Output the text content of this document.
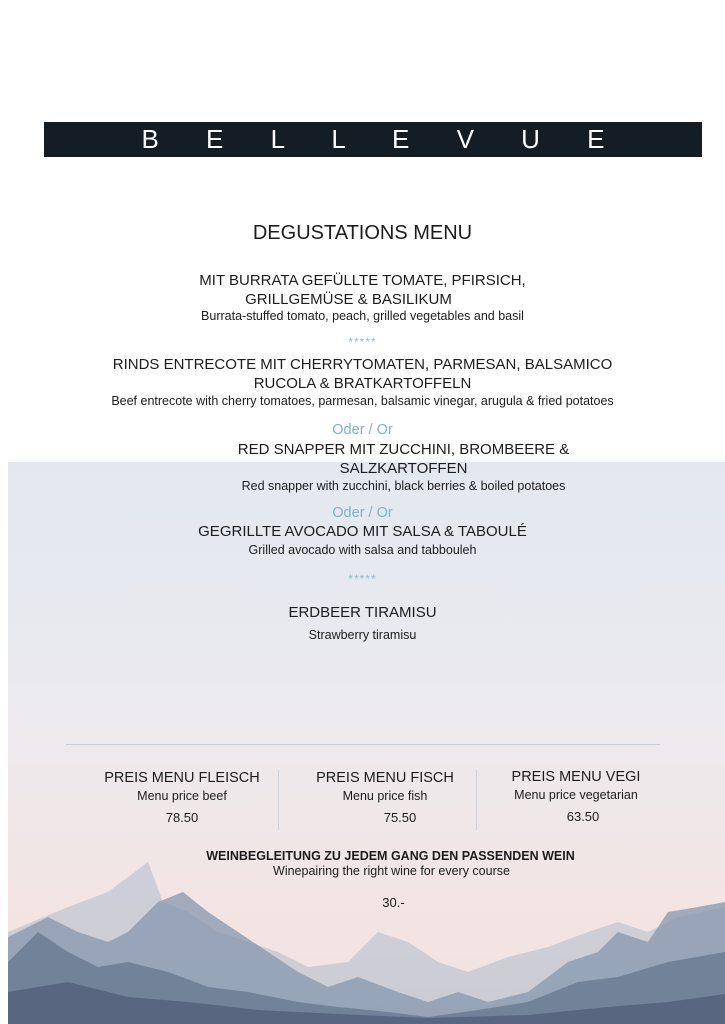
B E L L E V U E
DEGUSTATIONS MENU
MIT BURRATA GEFÜLLTE TOMATE, PFIRSICH,
GRILLGEMÜSE & BASILIKUM
Burrata-stuffed tomato, peach, grilled vegetables and basil
*****
RINDS ENTRECOTE MIT CHERRYTOMATEN, PARMESAN, BALSAMICO
RUCOLA & BRATKARTOFFELN
Beef entrecote with cherry tomatoes, parmesan, balsamic vinegar, arugula & fried potatoes
Oder / Or
RED SNAPPER MIT ZUCCHINI, BROMBEERE &
SALZKARTOFFEN
Red snapper with zucchini, black berries & boiled potatoes
Oder / Or
GEGRILLTE AVOCADO MIT SALSA & TABOULÉ
Grilled avocado with salsa and tabbouleh
*****
ERDBEER TIRAMISU
Strawberry tiramisu
PREIS MENU FLEISCH
Menu price beef
78.50
PREIS MENU FISCH
Menu price fish
75.50
PREIS MENU VEGI
Menu price vegetarian
63.50
WEINBEGLEITUNG ZU JEDEM GANG DEN PASSENDEN WEIN
Winepairing the right wine for every course
30.-
